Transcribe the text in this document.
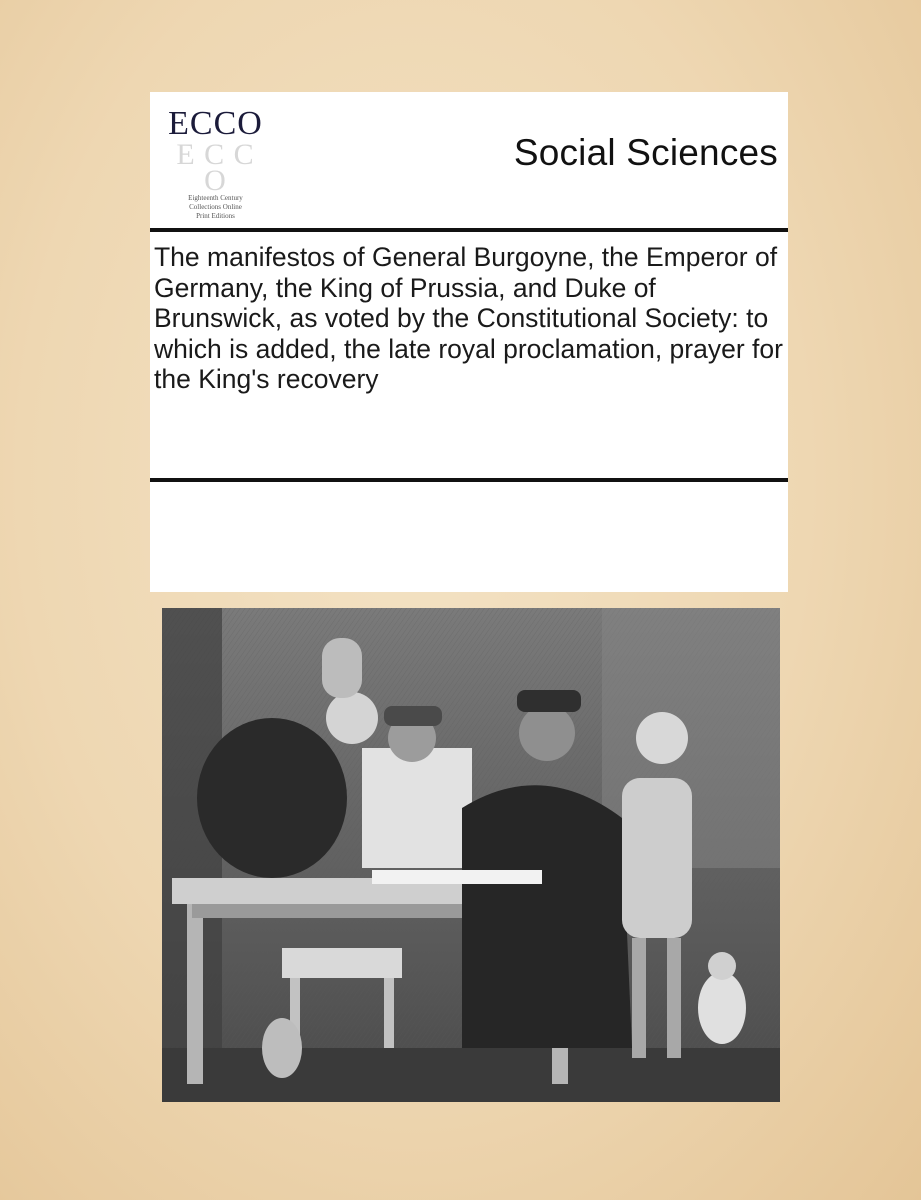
ECCO
E C C O
Eighteenth Century
Collections Online
Print Editions
Social Sciences
The manifestos of General Burgoyne, the Emperor of Germany, the King of Prussia, and Duke of Brunswick, as voted by the Constitutional Society: to which is added, the late royal proclamation, prayer for the King's recovery
